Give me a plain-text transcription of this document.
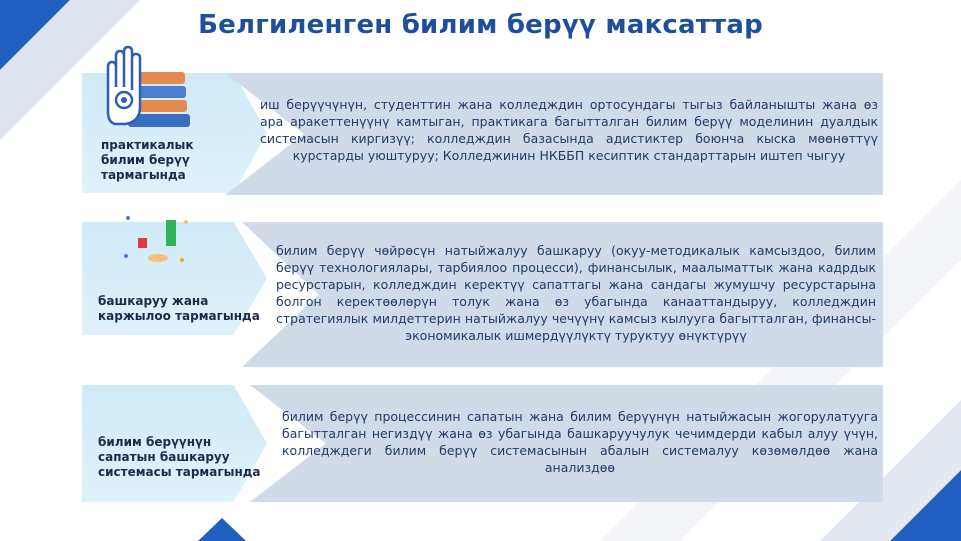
Белгиленген билим берүү максаттар
практикалык билим берүү тармагында
иш берүүчүнүн, студенттин жана колледждин ортосундагы тыгыз байланышты жана өз ара аракеттенүүнү камтыган, практикага багытталган билим берүү моделинин дуалдык системасын киргизүү; колледждин базасында адистиктер боюнча кыска мөөнөттүү курстарды уюштуруу; Колледжинин НКББП кесиптик стандарттарын иштеп чыгуу
башкаруу жана каржылоо тармагында
билим берүү чөйрөсүн натыйжалуу башкаруу (окуу-методикалык камсыздоо, билим берүү технологиялары, тарбиялоо процесси), финансылык, маалыматтык жана кадрдык ресурстарын, колледждин керектүү сапаттагы жана сандагы жумушчу ресурстарына болгон керектөөлөрүн толук жана өз убагында канааттандыруу, колледждин стратегиялык милдеттерин натыйжалуу чечүүнү камсыз кылууга багытталган, финансы-экономикалык ишмердүүлүктү туруктуу өнүктүрүү
билим берүүнүн сапатын башкаруу системасы тармагында
билим берүү процессинин сапатын жана билим берүүнүн натыйжасын жогорулатууга багытталган негиздүү жана өз убагында башкаруучулук чечимдерди кабыл алуу үчүн, колледждеги билим берүү системасынын абалын системалуу көзөмөлдөө жана анализдөө
